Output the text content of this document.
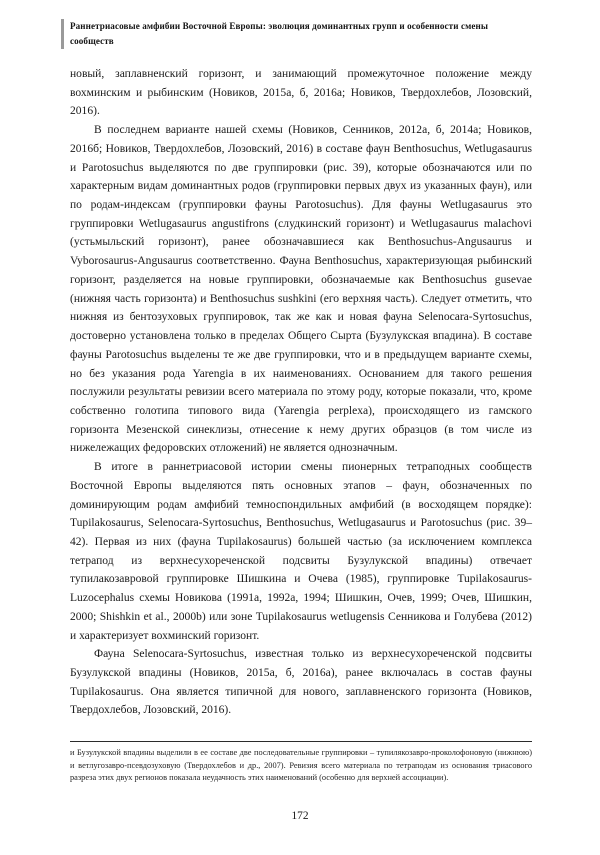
Раннетриасовые амфибии Восточной Европы: эволюция доминантных групп и особенности смены сообществ

новый, заплавненский горизонт, и занимающий промежуточное положение между вохминским и рыбинским (Новиков, 2015а, б, 2016а; Новиков, Твердохлебов, Лозовский, 2016).

В последнем варианте нашей схемы (Новиков, Сенников, 2012а, б, 2014а; Новиков, 2016б; Новиков, Твердохлебов, Лозовский, 2016) в составе фаун Benthosuchus, Wetlugasaurus и Parotosuchus выделяются по две группировки (рис. 39), которые обозначаются или по характерным видам доминантных родов (группировки первых двух из указанных фаун), или по родам-индексам (группировки фауны Parotosuchus). Для фауны Wetlugasaurus это группировки Wetlugasaurus angustifrons (слудкинский горизонт) и Wetlugasaurus malachovi (устьмыльский горизонт), ранее обозначавшиеся как Benthosuchus-Angusaurus и Vyborosaurus-Angusaurus соответственно. Фауна Benthosuchus, характеризующая рыбинский горизонт, разделяется на новые группировки, обозначаемые как Benthosuchus gusevae (нижняя часть горизонта) и Benthosuchus sushkini (его верхняя часть). Следует отметить, что нижняя из бентозуховых группировок, так же как и новая фауна Selenocara-Syrtosuchus, достоверно установлена только в пределах Общего Сырта (Бузулукская впадина). В составе фауны Parotosuchus выделены те же две группировки, что и в предыдущем варианте схемы, но без указания рода Yarengia в их наименованиях. Основанием для такого решения послужили результаты ревизии всего материала по этому роду, которые показали, что, кроме собственно голотипа типового вида (Yarengia perplexa), происходящего из гамского горизонта Мезенской синеклизы, отнесение к нему других образцов (в том числе из нижележащих федоровских отложений) не является однозначным.

В итоге в раннетриасовой истории смены пионерных тетраподных сообществ Восточной Европы выделяются пять основных этапов – фаун, обозначенных по доминирующим родам амфибий темноспондильных амфибий (в восходящем порядке): Tupilakosaurus, Selenocara-Syrtosuchus, Benthosuchus, Wetlugasaurus и Parotosuchus (рис. 39–42). Первая из них (фауна Tupilakosaurus) большей частью (за исключением комплекса тетрапод из верхнесухореченской подсвиты Бузулукской впадины) отвечает тупилакозавровой группировке Шишкина и Очева (1985), группировке Tupilakosaurus-Luzocephalus схемы Новикова (1991а, 1992а, 1994; Шишкин, Очев, 1999; Очев, Шишкин, 2000; Shishkin et al., 2000b) или зоне Tupilakosaurus wetlugensis Сенникова и Голубева (2012) и характеризует вохминский горизонт.

Фауна Selenocara-Syrtosuchus, известная только из верхнесухореченской подсвиты Бузулукской впадины (Новиков, 2015а, б, 2016а), ранее включалась в состав фауны Tupilakosaurus. Она является типичной для нового, заплавненского горизонта (Новиков, Твердохлебов, Лозовский, 2016).

и Бузулукской впадины выделили в ее составе две последовательные группировки – тупилякозавро-проколофоновую (нижнюю) и ветлугозавро-псевдозуховую (Твердохлебов и др., 2007). Ревизия всего материала по тетраподам из основания триасового разреза этих двух регионов показала неудачность этих наименований (особенно для верхней ассоциации).

172
